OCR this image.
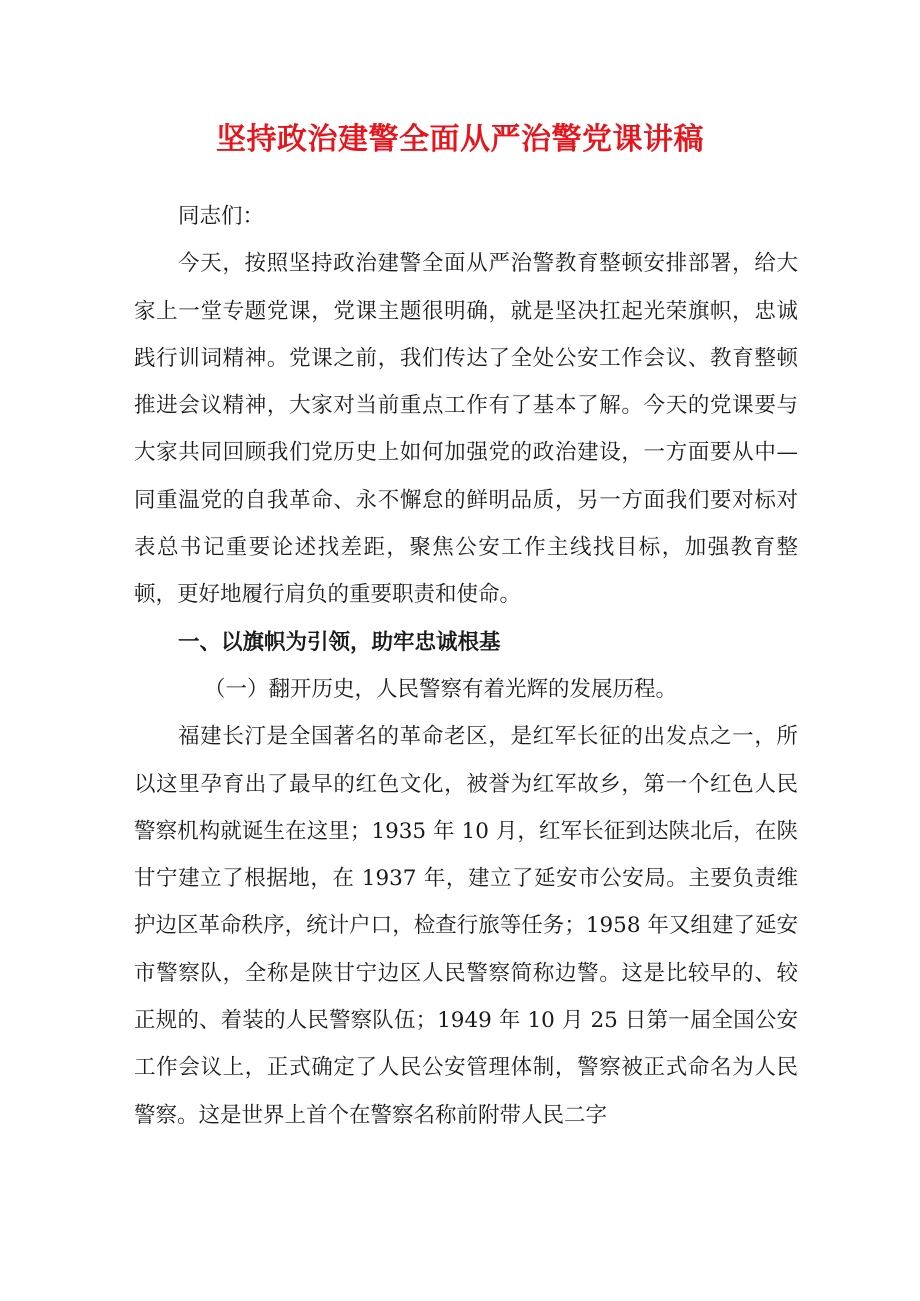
坚持政治建警全面从严治警党课讲稿

同志们：

今天，按照坚持政治建警全面从严治警教育整顿安排部署，给大家上一堂专题党课，党课主题很明确，就是坚决扛起光荣旗帜，忠诚践行训词精神。党课之前，我们传达了全处公安工作会议、教育整顿推进会议精神，大家对当前重点工作有了基本了解。今天的党课要与大家共同回顾我们党历史上如何加强党的政治建设，一方面要从中—同重温党的自我革命、永不懈怠的鲜明品质，另一方面我们要对标对表总书记重要论述找差距，聚焦公安工作主线找目标，加强教育整顿，更好地履行肩负的重要职责和使命。

一、以旗帜为引领，助牢忠诚根基

（一）翻开历史，人民警察有着光辉的发展历程。

福建长汀是全国著名的革命老区，是红军长征的出发点之一，所以这里孕育出了最早的红色文化，被誉为红军故乡，第一个红色人民警察机构就诞生在这里；1935 年 10 月，红军长征到达陕北后，在陕甘宁建立了根据地，在 1937 年，建立了延安市公安局。主要负责维护边区革命秩序，统计户口，检查行旅等任务；1958 年又组建了延安市警察队，全称是陕甘宁边区人民警察简称边警。这是比较早的、较正规的、着装的人民警察队伍；1949 年 10 月 25 日第一届全国公安工作会议上，正式确定了人民公安管理体制，警察被正式命名为人民警察。这是世界上首个在警察名称前附带人民二字
